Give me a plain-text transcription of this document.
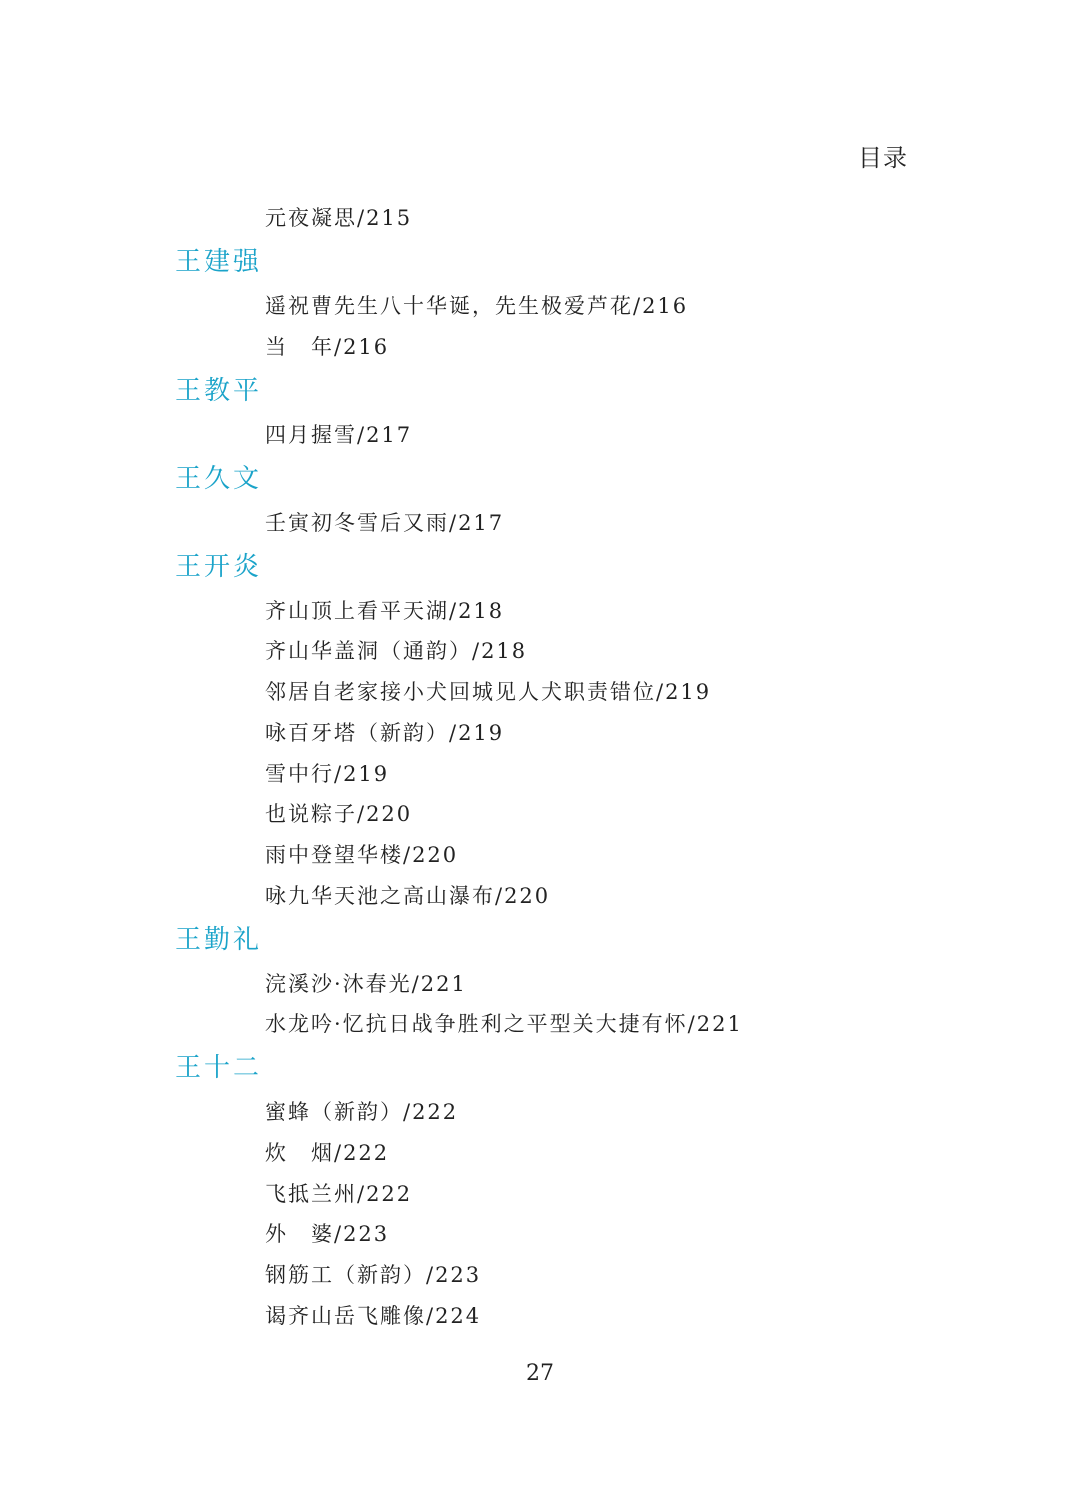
目录
元夜凝思/215
王建强
遥祝曹先生八十华诞，先生极爱芦花/216
当　年/216
王教平
四月握雪/217
王久文
壬寅初冬雪后又雨/217
王开炎
齐山顶上看平天湖/218
齐山华盖洞（通韵）/218
邻居自老家接小犬回城见人犬职责错位/219
咏百牙塔（新韵）/219
雪中行/219
也说粽子/220
雨中登望华楼/220
咏九华天池之高山瀑布/220
王勤礼
浣溪沙·沐春光/221
水龙吟·忆抗日战争胜利之平型关大捷有怀/221
王十二
蜜蜂（新韵）/222
炊　烟/222
飞抵兰州/222
外　婆/223
钢筋工（新韵）/223
谒齐山岳飞雕像/224
27
